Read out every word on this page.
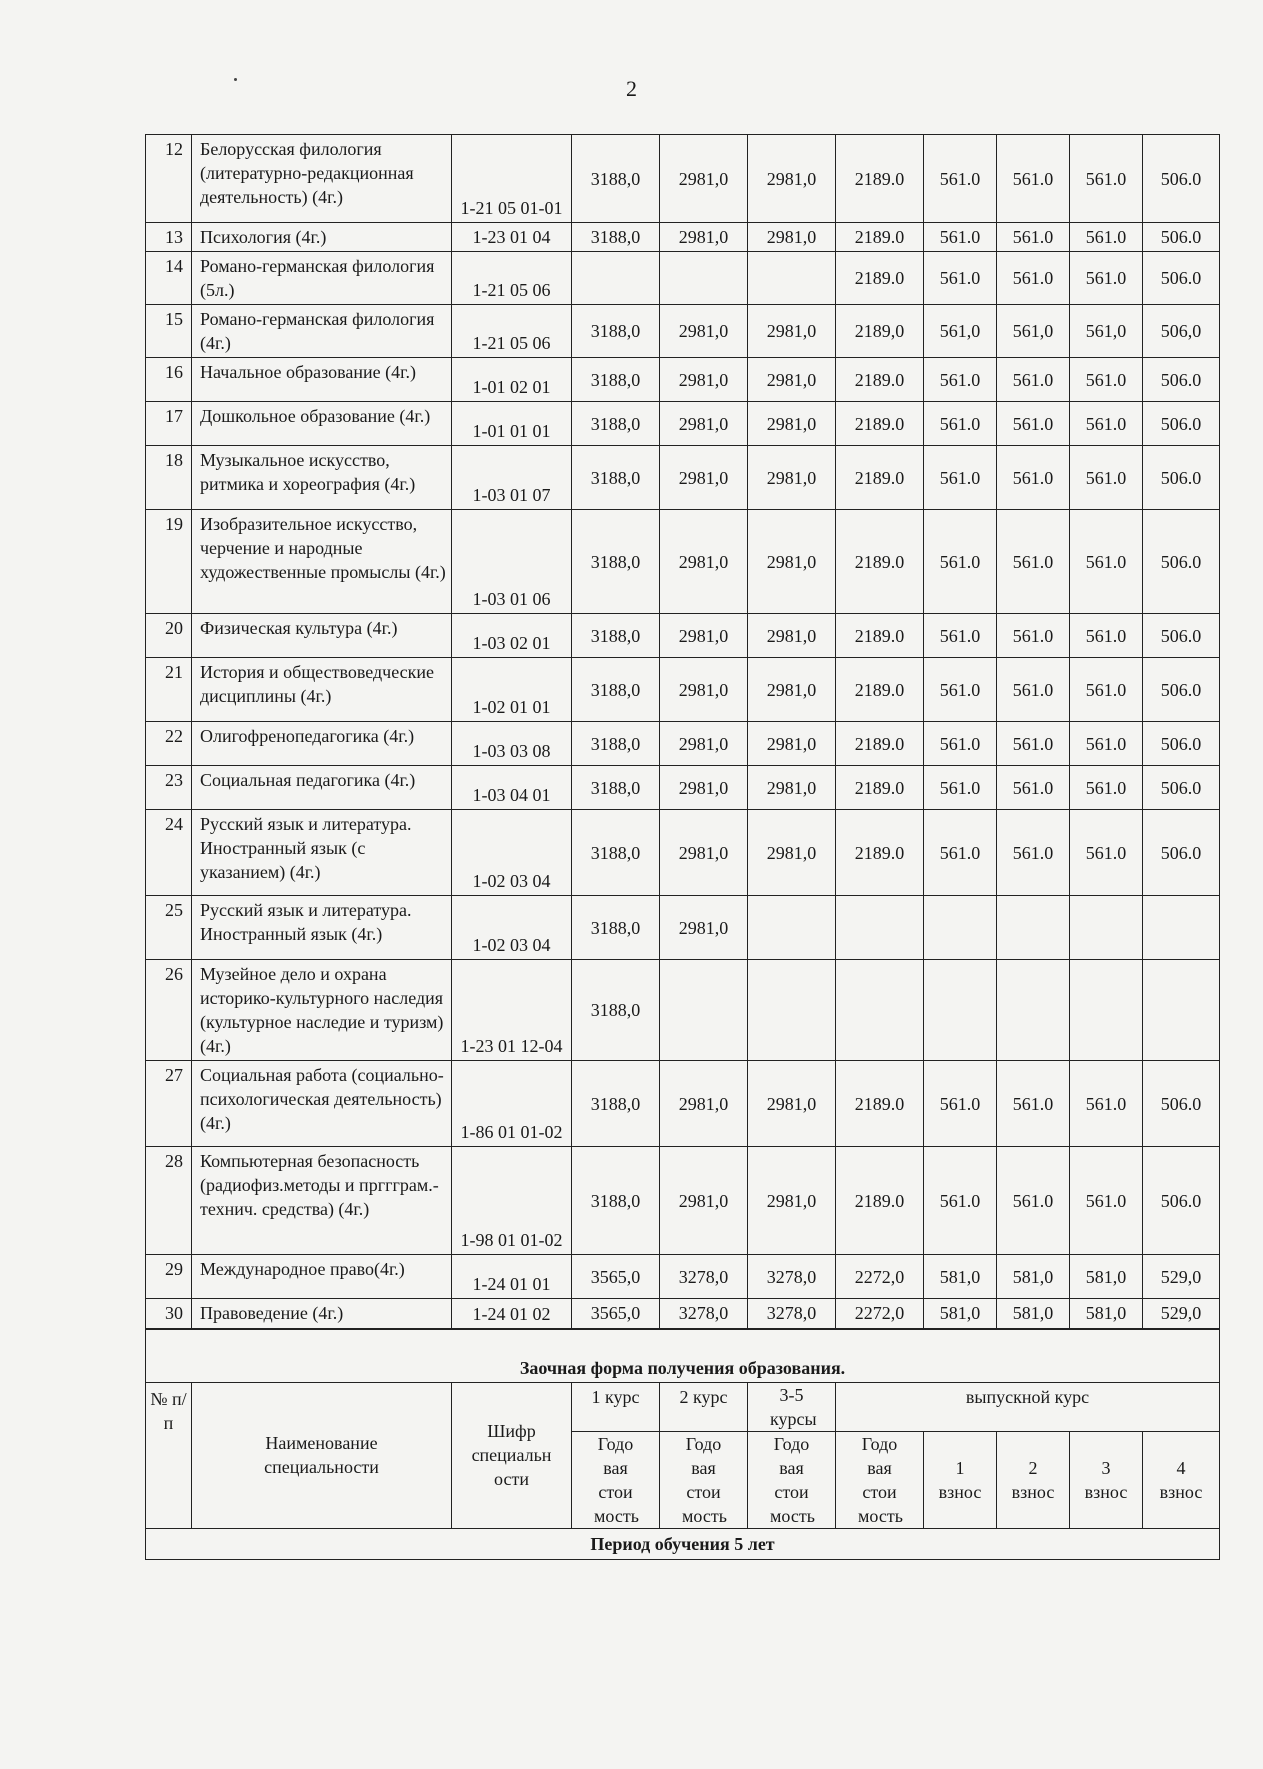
2
12	Белорусская филология (литературно-редакционная деятельность) (4г.)	1-21 05 01-01	3188,0	2981,0	2981,0	2189.0	561.0	561.0	561.0	506.0
13	Психология (4г.)	1-23 01 04	3188,0	2981,0	2981,0	2189.0	561.0	561.0	561.0	506.0
14	Романо-германская филология (5л.)	1-21 05 06				2189.0	561.0	561.0	561.0	506.0
15	Романо-германская филология (4г.)	1-21 05 06	3188,0	2981,0	2981,0	2189,0	561,0	561,0	561,0	506,0
16	Начальное образование (4г.)	1-01 02 01	3188,0	2981,0	2981,0	2189.0	561.0	561.0	561.0	506.0
17	Дошкольное образование (4г.)	1-01 01 01	3188,0	2981,0	2981,0	2189.0	561.0	561.0	561.0	506.0
18	Музыкальное искусство, ритмика и хореография (4г.)	1-03 01 07	3188,0	2981,0	2981,0	2189.0	561.0	561.0	561.0	506.0
19	Изобразительное искусство, черчение и народные художественные промыслы (4г.)	1-03 01 06	3188,0	2981,0	2981,0	2189.0	561.0	561.0	561.0	506.0
20	Физическая культура (4г.)	1-03 02 01	3188,0	2981,0	2981,0	2189.0	561.0	561.0	561.0	506.0
21	История и обществоведческие дисциплины (4г.)	1-02 01 01	3188,0	2981,0	2981,0	2189.0	561.0	561.0	561.0	506.0
22	Олигофренопедагогика (4г.)	1-03 03 08	3188,0	2981,0	2981,0	2189.0	561.0	561.0	561.0	506.0
23	Социальная педагогика (4г.)	1-03 04 01	3188,0	2981,0	2981,0	2189.0	561.0	561.0	561.0	506.0
24	Русский язык и литература. Иностранный язык (с указанием) (4г.)	1-02 03 04	3188,0	2981,0	2981,0	2189.0	561.0	561.0	561.0	506.0
25	Русский язык и литература. Иностранный язык (4г.)	1-02 03 04	3188,0	2981,0						
26	Музейное дело и охрана историко-культурного наследия (культурное наследие и туризм) (4г.)	1-23 01 12-04	3188,0							
27	Социальная работа (социально-психологическая деятельность) (4г.)	1-86 01 01-02	3188,0	2981,0	2981,0	2189.0	561.0	561.0	561.0	506.0
28	Компьютерная безопасность (радиофиз.методы и прггграм.-технич. средства) (4г.)	1-98 01 01-02	3188,0	2981,0	2981,0	2189.0	561.0	561.0	561.0	506.0
29	Международное право(4г.)	1-24 01 01	3565,0	3278,0	3278,0	2272,0	581,0	581,0	581,0	529,0
30	Правоведение (4г.)	1-24 01 02	3565,0	3278,0	3278,0	2272,0	581,0	581,0	581,0	529,0
Заочная форма получения образования.										
№ п/п	Наименование специальности	Шифр специальн ости	1 курс	2 курс	3-5 курсы	выпускной курс				
			Годо вая стои мость	Годо вая стои мость	Годо вая стои мость	Годо вая стои мость	1 взнос	2 взнос	3 взнос	4 взнос
Период обучения 5 лет										
